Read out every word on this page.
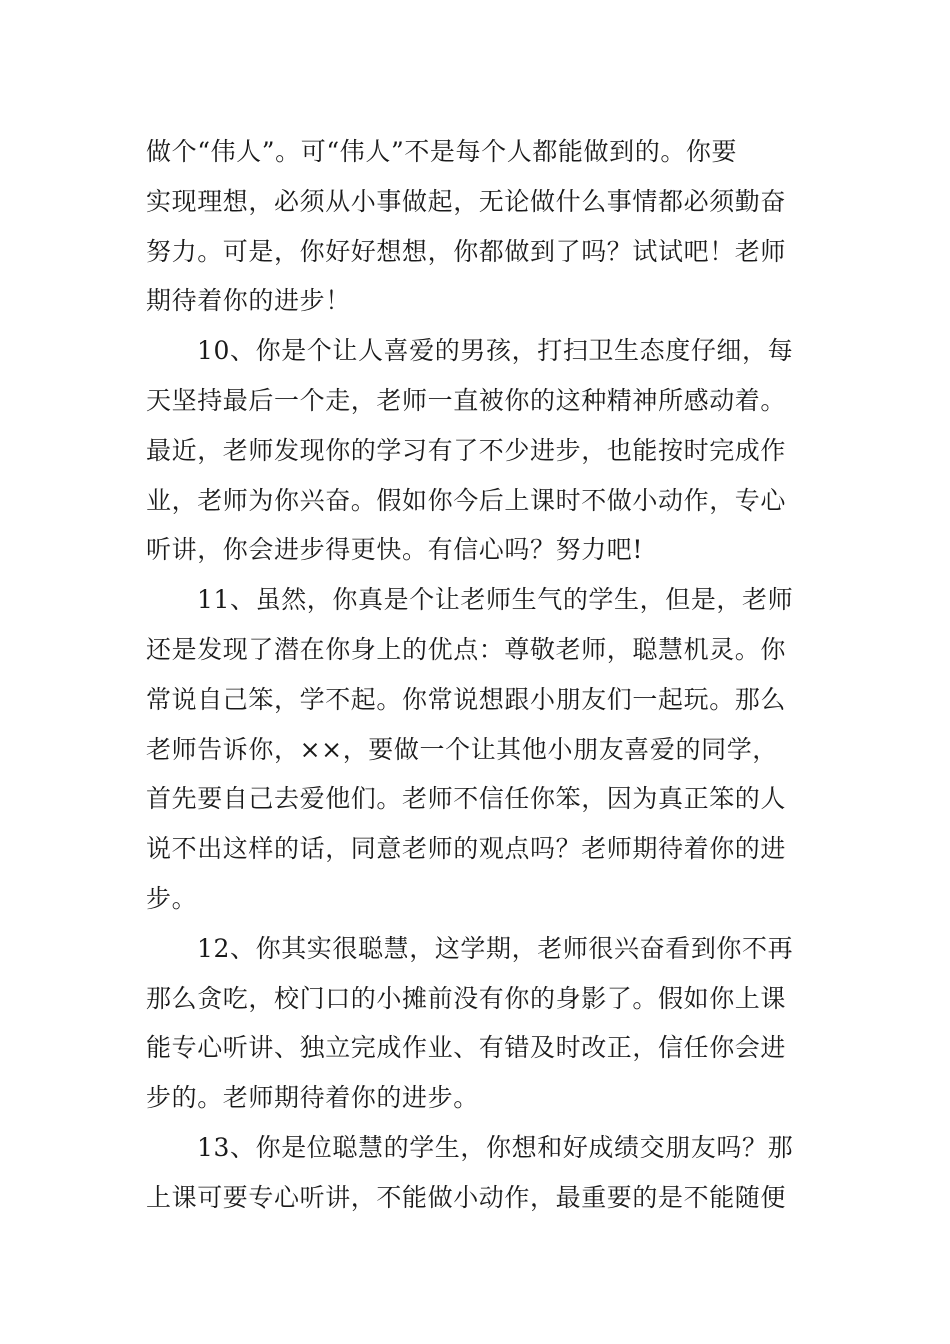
做个“伟人”。可“伟人”不是每个人都能做到的。你要
实现理想，必须从小事做起，无论做什么事情都必须勤奋
努力。可是，你好好想想，你都做到了吗？试试吧！老师
期待着你的进步！
10、你是个让人喜爱的男孩，打扫卫生态度仔细，每
天坚持最后一个走，老师一直被你的这种精神所感动着。
最近，老师发现你的学习有了不少进步，也能按时完成作
业，老师为你兴奋。假如你今后上课时不做小动作，专心
听讲，你会进步得更快。有信心吗？努力吧!
11、虽然，你真是个让老师生气的学生，但是，老师
还是发现了潜在你身上的优点：尊敬老师，聪慧机灵。你
常说自己笨，学不起。你常说想跟小朋友们一起玩。那么
老师告诉你，××，要做一个让其他小朋友喜爱的同学，
首先要自己去爱他们。老师不信任你笨，因为真正笨的人
说不出这样的话，同意老师的观点吗？老师期待着你的进
步。
12、你其实很聪慧，这学期，老师很兴奋看到你不再
那么贪吃，校门口的小摊前没有你的身影了。假如你上课
能专心听讲、独立完成作业、有错及时改正，信任你会进
步的。老师期待着你的进步。
13、你是位聪慧的学生，你想和好成绩交朋友吗？那
上课可要专心听讲，不能做小动作，最重要的是不能随便
